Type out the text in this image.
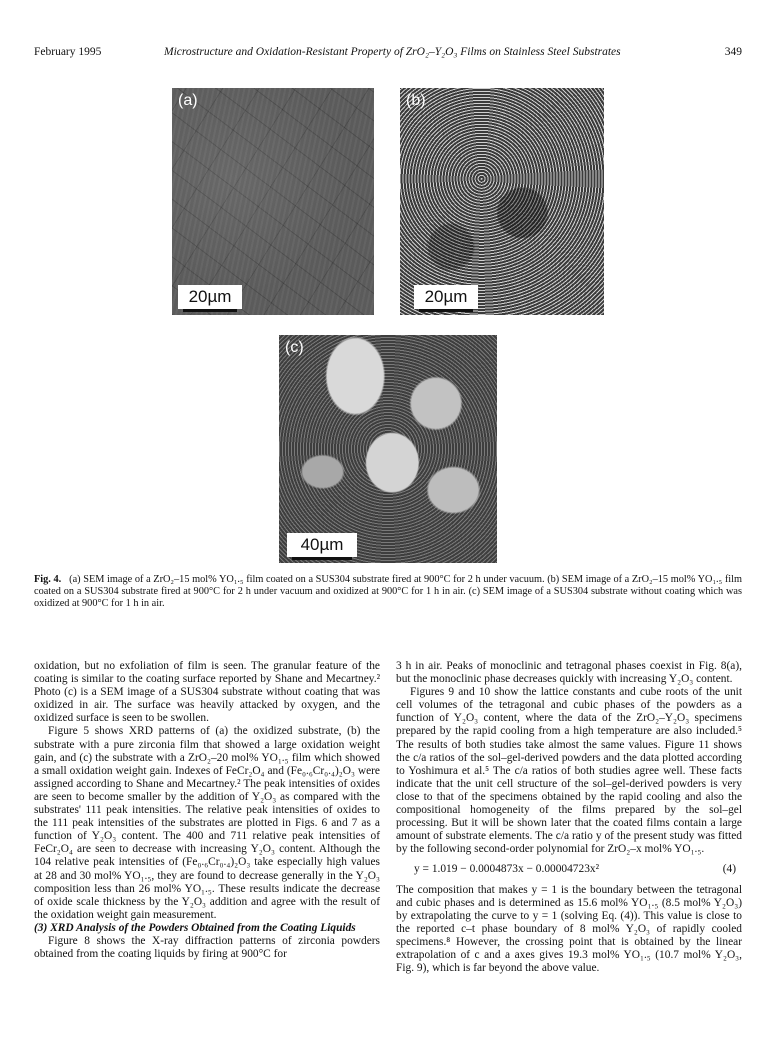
February 1995	Microstructure and Oxidation-Resistant Property of ZrO₂–Y₂O₃ Films on Stainless Steel Substrates	349
(a)
20µm
(b)
20µm
(c)
40µm
Fig. 4. (a) SEM image of a ZrO₂–15 mol% YO₁.₅ film coated on a SUS304 substrate fired at 900°C for 2 h under vacuum. (b) SEM image of a ZrO₂–15 mol% YO₁.₅ film coated on a SUS304 substrate fired at 900°C for 2 h under vacuum and oxidized at 900°C for 1 h in air. (c) SEM image of a SUS304 substrate without coating which was oxidized at 900°C for 1 h in air.

oxidation, but no exfoliation of film is seen. The granular feature of the coating is similar to the coating surface reported by Shane and Mecartney.² Photo (c) is a SEM image of a SUS304 substrate without coating that was oxidized in air. The surface was heavily attacked by oxygen, and the oxidized surface is seen to be swollen.

Figure 5 shows XRD patterns of (a) the oxidized substrate, (b) the substrate with a pure zirconia film that showed a large oxidation weight gain, and (c) the substrate with a ZrO₂–20 mol% YO₁.₅ film which showed a small oxidation weight gain. Indexes of FeCr₂O₄ and (Fe₀.₆Cr₀.₄)₂O₃ were assigned according to Shane and Mecartney.² The peak intensities of oxides are seen to become smaller by the addition of Y₂O₃ as compared with the substrates' 111 peak intensities. The relative peak intensities of oxides to the 111 peak intensities of the substrates are plotted in Figs. 6 and 7 as a function of Y₂O₃ content. The 400 and 711 relative peak intensities of FeCr₂O₄ are seen to decrease with increasing Y₂O₃ content. Although the 104 relative peak intensities of (Fe₀.₆Cr₀.₄)₂O₃ take especially high values at 28 and 30 mol% YO₁.₅, they are found to decrease generally in the Y₂O₃ composition less than 26 mol% YO₁.₅. These results indicate the decrease of oxide scale thickness by the Y₂O₃ addition and agree with the result of the oxidation weight gain measurement.

(3) XRD Analysis of the Powders Obtained from the Coating Liquids

Figure 8 shows the X-ray diffraction patterns of zirconia powders obtained from the coating liquids by firing at 900°C for

3 h in air. Peaks of monoclinic and tetragonal phases coexist in Fig. 8(a), but the monoclinic phase decreases quickly with increasing Y₂O₃ content.

Figures 9 and 10 show the lattice constants and cube roots of the unit cell volumes of the tetragonal and cubic phases of the powders as a function of Y₂O₃ content, where the data of the ZrO₂–Y₂O₃ specimens prepared by the rapid cooling from a high temperature are also included.⁵ The results of both studies take almost the same values. Figure 11 shows the c/a ratios of the sol–gel-derived powders and the data plotted according to Yoshimura et al.⁵ The c/a ratios of both studies agree well. These facts indicate that the unit cell structure of the sol–gel-derived powders is very close to that of the specimens obtained by the rapid cooling and also the compositional homogeneity of the films prepared by the sol–gel processing. But it will be shown later that the coated films contain a large amount of substrate elements. The c/a ratio y of the present study was fitted by the following second-order polynomial for ZrO₂–x mol% YO₁.₅.

y = 1.019 − 0.0004873x − 0.00004723x²	(4)

The composition that makes y = 1 is the boundary between the tetragonal and cubic phases and is determined as 15.6 mol% YO₁.₅ (8.5 mol% Y₂O₃) by extrapolating the curve to y = 1 (solving Eq. (4)). This value is close to the reported c–t phase boundary of 8 mol% Y₂O₃ of rapidly cooled specimens.⁸ However, the crossing point that is obtained by the linear extrapolation of c and a axes gives 19.3 mol% YO₁.₅ (10.7 mol% Y₂O₃, Fig. 9), which is far beyond the above value.
